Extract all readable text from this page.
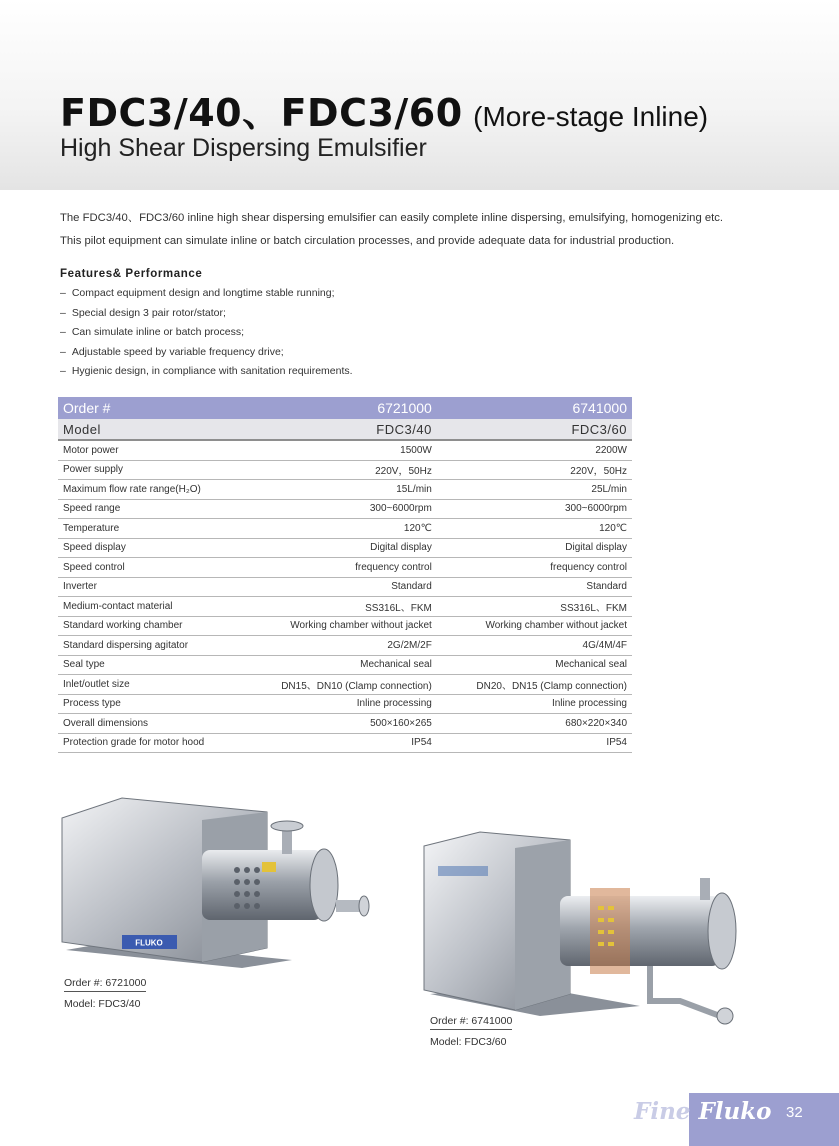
FDC3/40、FDC3/60 (More-stage Inline)
High Shear Dispersing Emulsifier
The FDC3/40、FDC3/60 inline high shear dispersing emulsifier can easily complete inline dispersing, emulsifying, homogenizing etc.
This pilot equipment can simulate inline or batch circulation processes, and provide adequate data for industrial production.
Features& Performance
– Compact equipment design and longtime stable running;
– Special design 3 pair rotor/stator;
– Can simulate inline or batch process;
– Adjustable speed by variable frequency drive;
– Hygienic design, in compliance with sanitation requirements.
Order #	6721000	6741000
Model	FDC3/40	FDC3/60
Motor power	1500W	2200W
Power supply	220V，50Hz	220V，50Hz
Maximum flow rate range(H₂O)	15L/min	25L/min
Speed range	300~6000rpm	300~6000rpm
Temperature	120℃	120℃
Speed display	Digital display	Digital display
Speed control	frequency control	frequency control
Inverter	Standard	Standard
Medium-contact material	SS316L、FKM	SS316L、FKM
Standard working chamber	Working chamber without jacket	Working chamber without jacket
Standard dispersing agitator	2G/2M/2F	4G/4M/4F
Seal type	Mechanical seal	Mechanical seal
Inlet/outlet size	DN15、DN10 (Clamp connection)	DN20、DN15 (Clamp connection)
Process type	Inline processing	Inline processing
Overall dimensions	500×160×265	680×220×340
Protection grade for motor hood	IP54	IP54
FLUKO
Order #: 6721000
Model: FDC3/40
Order #: 6741000
Model: FDC3/60
Fine Fluko 32
